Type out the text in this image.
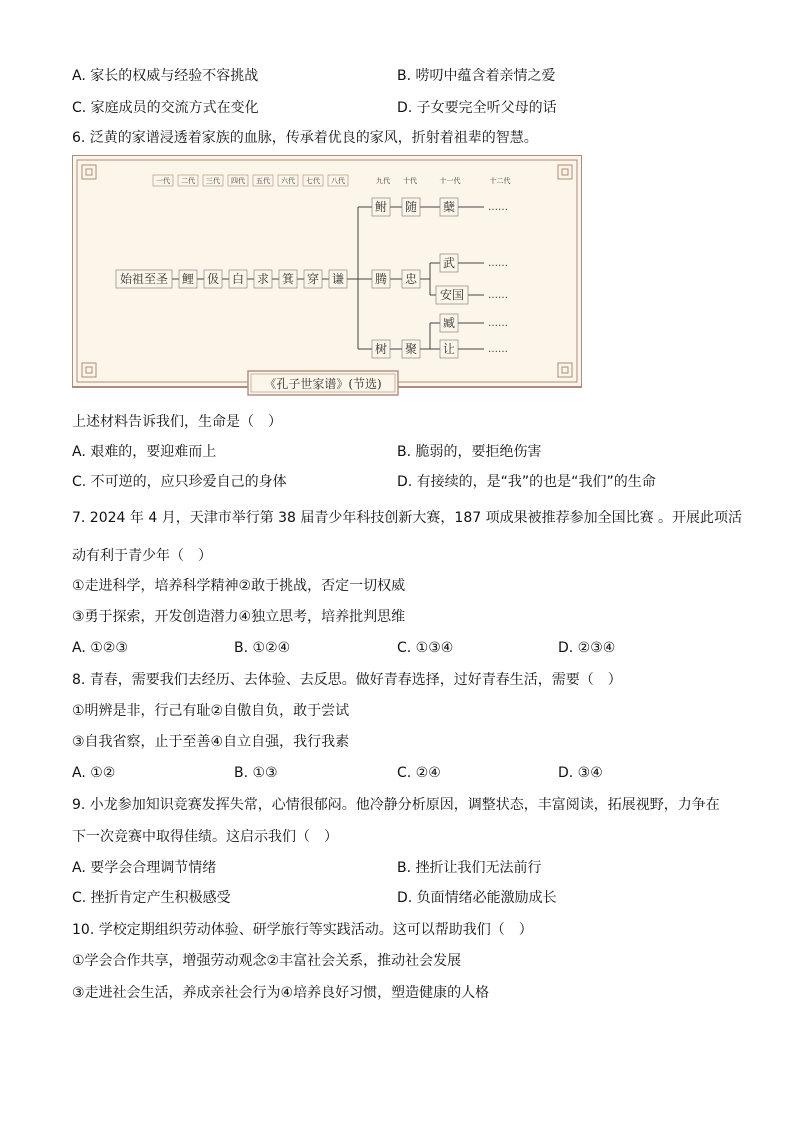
A. 家长的权威与经验不容挑战	B. 唠叨中蕴含着亲情之爱
C. 家庭成员的交流方式在变化	D. 子女要完全听父母的话
6. 泛黄的家谱浸透着家族的血脉，传承着优良的家风，折射着祖辈的智慧。
一代 二代 三代 四代 五代 六代 七代 八代	九代 十代	十一代	十二代
始祖至圣 鲤 伋 白 求 箕 穿 谦
鲋 随 蘖
腾 忠
武
安国
树 聚
臧
让
……
……
……
……
……
《孔子世家谱》(节选)
上述材料告诉我们，生命是（　）
A. 艰难的，要迎难而上	B. 脆弱的，要拒绝伤害
C. 不可逆的，应只珍爱自己的身体	D. 有接续的，是“我”的也是“我们”的生命
7. 2024 年 4 月，天津市举行第 38 届青少年科技创新大赛，187 项成果被推荐参加全国比赛 。开展此项活
动有利于青少年（　）
①走进科学，培养科学精神②敢于挑战，否定一切权威
③勇于探索，开发创造潜力④独立思考，培养批判思维
A. ①②③	B. ①②④	C. ①③④	D. ②③④
8. 青春，需要我们去经历、去体验、去反思。做好青春选择，过好青春生活，需要（　）
①明辨是非，行己有耻②自傲自负，敢于尝试
③自我省察，止于至善④自立自强，我行我素
A. ①②	B. ①③	C. ②④	D. ③④
9. 小龙参加知识竞赛发挥失常，心情很郁闷。他冷静分析原因，调整状态，丰富阅读，拓展视野，力争在
下一次竞赛中取得佳绩。这启示我们（　）
A. 要学会合理调节情绪	B. 挫折让我们无法前行
C. 挫折肯定产生积极感受	D. 负面情绪必能激励成长
10. 学校定期组织劳动体验、研学旅行等实践活动。这可以帮助我们（　）
①学会合作共享，增强劳动观念②丰富社会关系，推动社会发展
③走进社会生活，养成亲社会行为④培养良好习惯，塑造健康的人格
